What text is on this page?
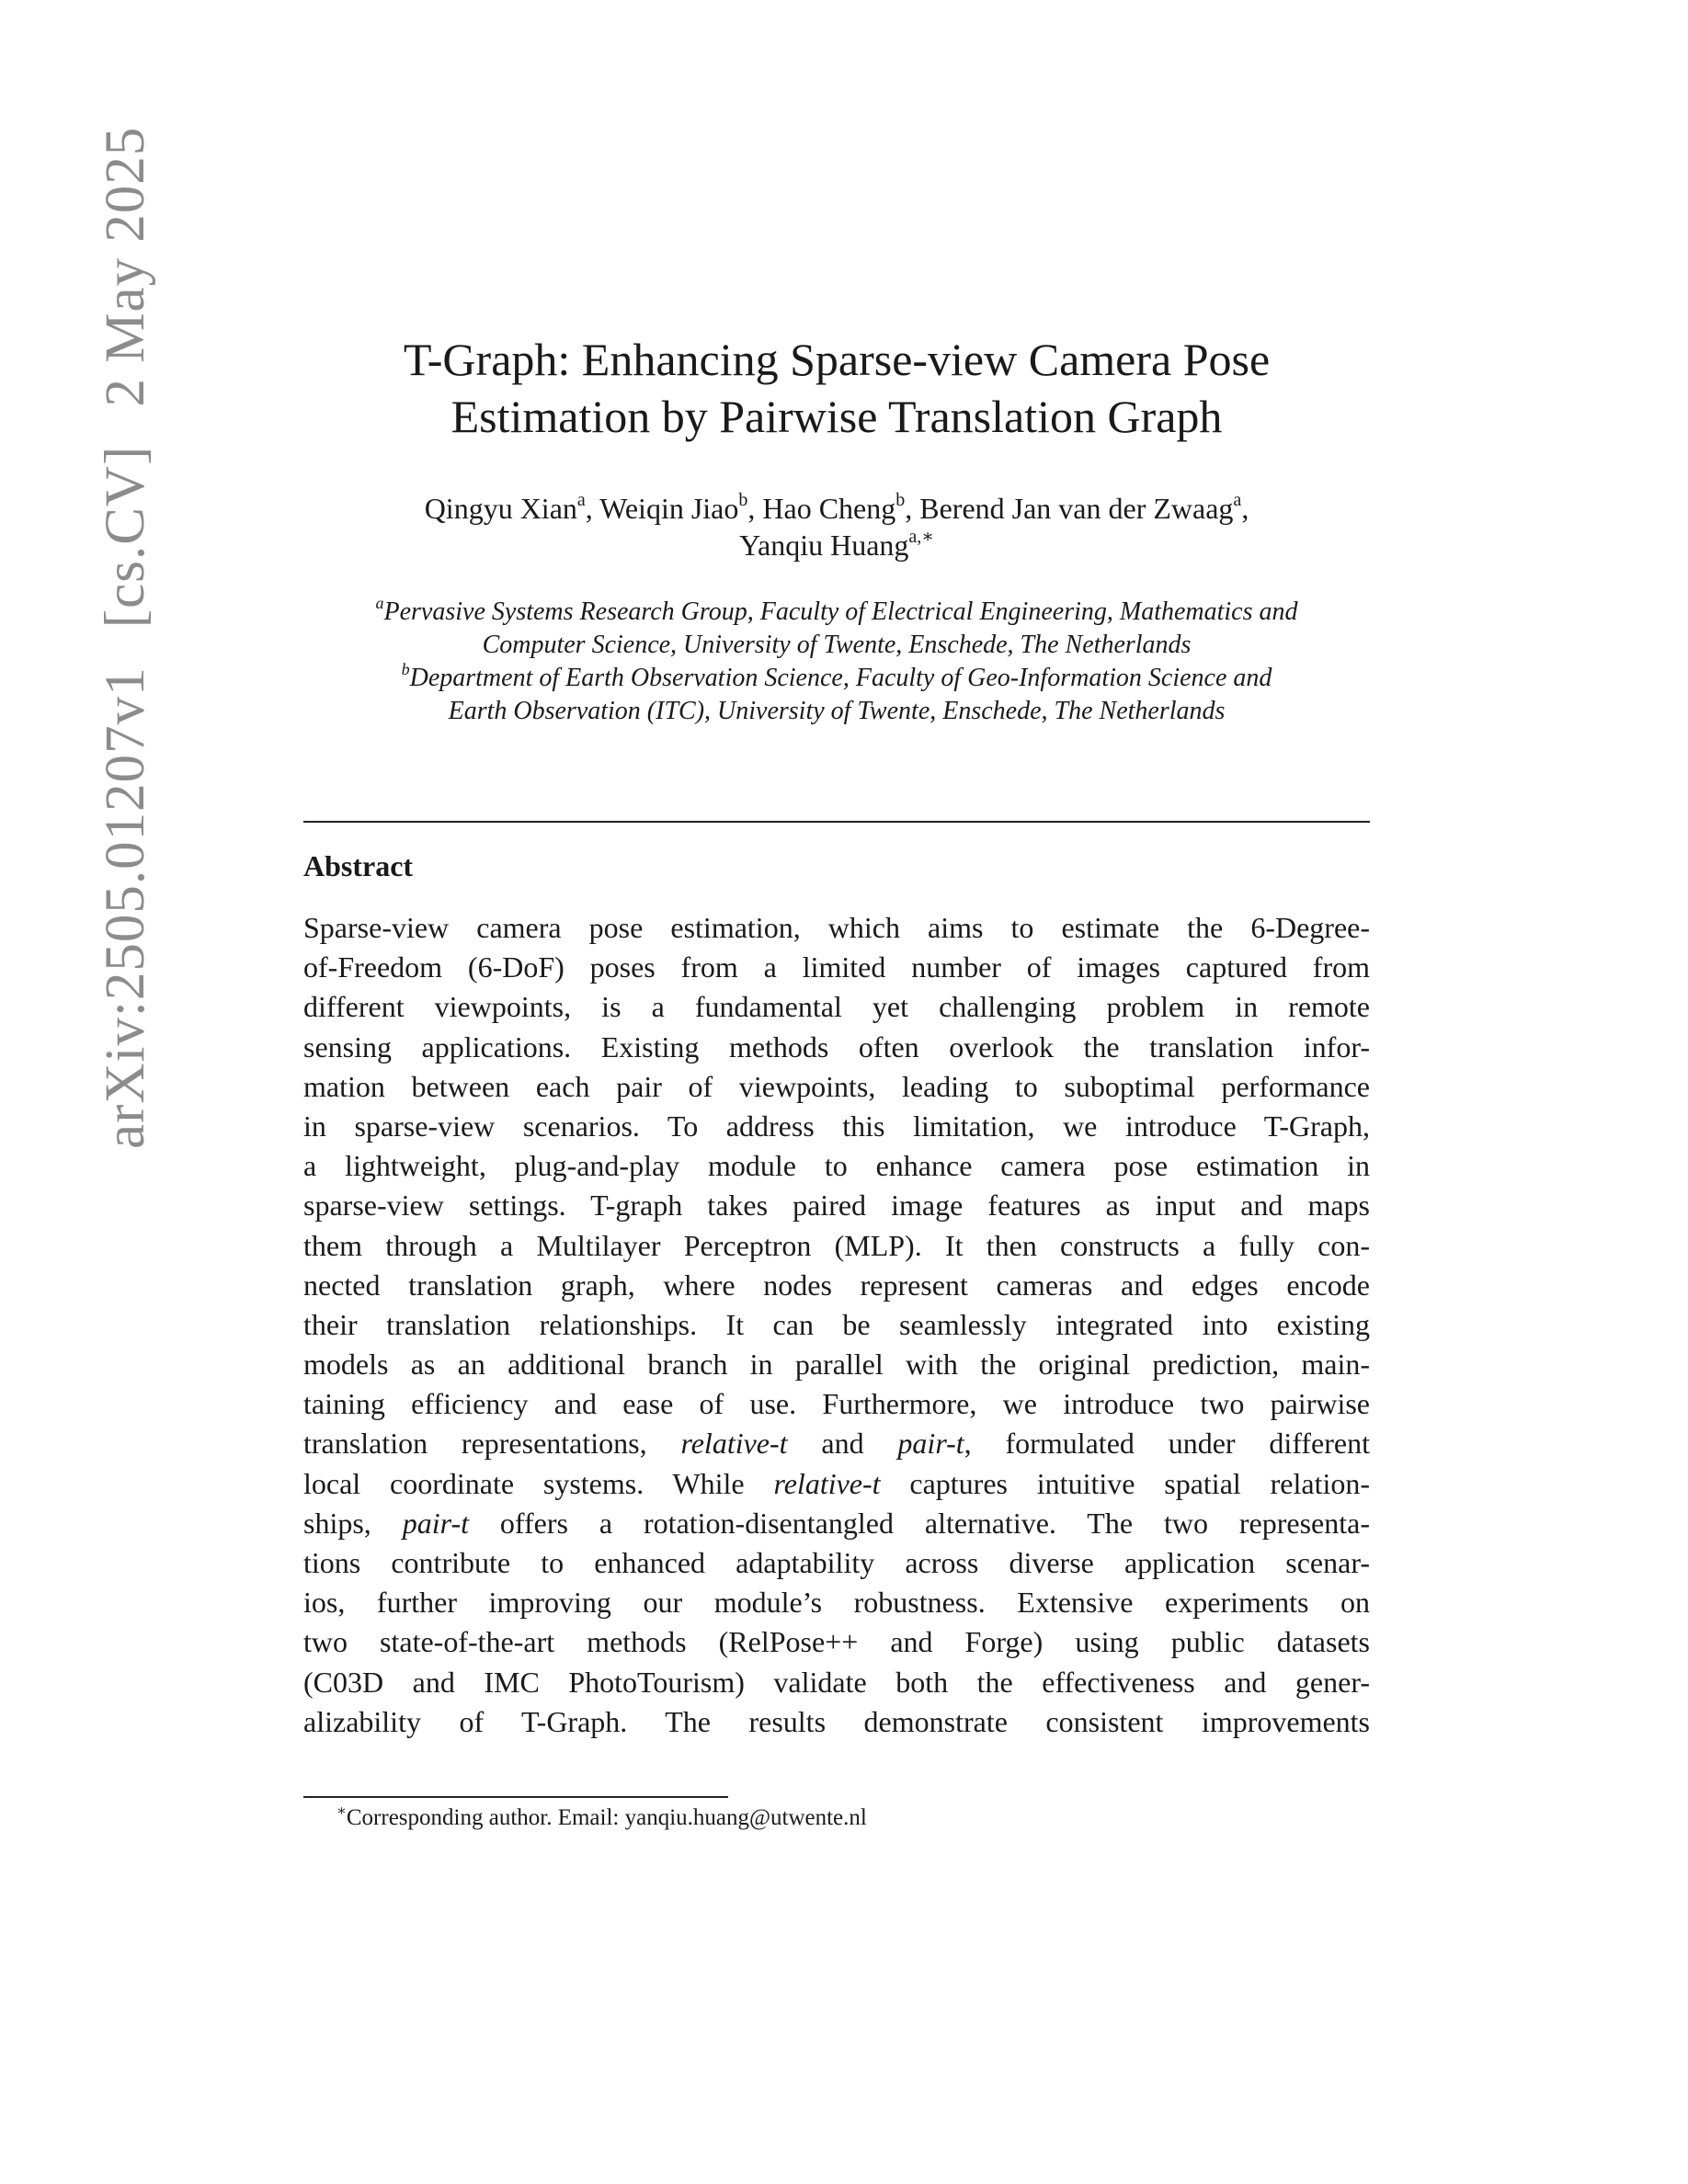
arXiv:2505.01207v1 [cs.CV] 2 May 2025	T-Graph: Enhancing Sparse-view Camera Pose
Estimation by Pairwise Translation Graph
Qingyu Xian$^a$, Weiqin Jiao$^b$, Hao Cheng$^b$, Berend Jan van der Zwaag$^a$,
Yanqiu Huang$^{a,∗}$
$^a$Pervasive Systems Research Group, Faculty of Electrical Engineering, Mathematics and
Computer Science, University of Twente, Enschede, The Netherlands
$^b$Department of Earth Observation Science, Faculty of Geo-Information Science and
Earth Observation (ITC), University of Twente, Enschede, The Netherlands
Abstract
Sparse-view camera pose estimation, which aims to estimate the 6-Degree-
of-Freedom (6-DoF) poses from a limited number of images captured from
different viewpoints, is a fundamental yet challenging problem in remote
sensing applications. Existing methods often overlook the translation infor-
mation between each pair of viewpoints, leading to suboptimal performance
in sparse-view scenarios. To address this limitation, we introduce T-Graph,
a lightweight, plug-and-play module to enhance camera pose estimation in
sparse-view settings. T-graph takes paired image features as input and maps
them through a Multilayer Perceptron (MLP). It then constructs a fully con-
nected translation graph, where nodes represent cameras and edges encode
their translation relationships. It can be seamlessly integrated into existing
models as an additional branch in parallel with the original prediction, main-
taining efficiency and ease of use. Furthermore, we introduce two pairwise
translation representations, relative-t and pair-t, formulated under different
local coordinate systems. While relative-t captures intuitive spatial relation-
ships, pair-t offers a rotation-disentangled alternative. The two representa-
tions contribute to enhanced adaptability across diverse application scenar-
ios, further improving our module’s robustness. Extensive experiments on
two state-of-the-art methods (RelPose++ and Forge) using public datasets
(C03D and IMC PhotoTourism) validate both the effectiveness and gener-
alizability of T-Graph. The results demonstrate consistent improvements
∗Corresponding author. Email: yanqiu.huang@utwente.nl
